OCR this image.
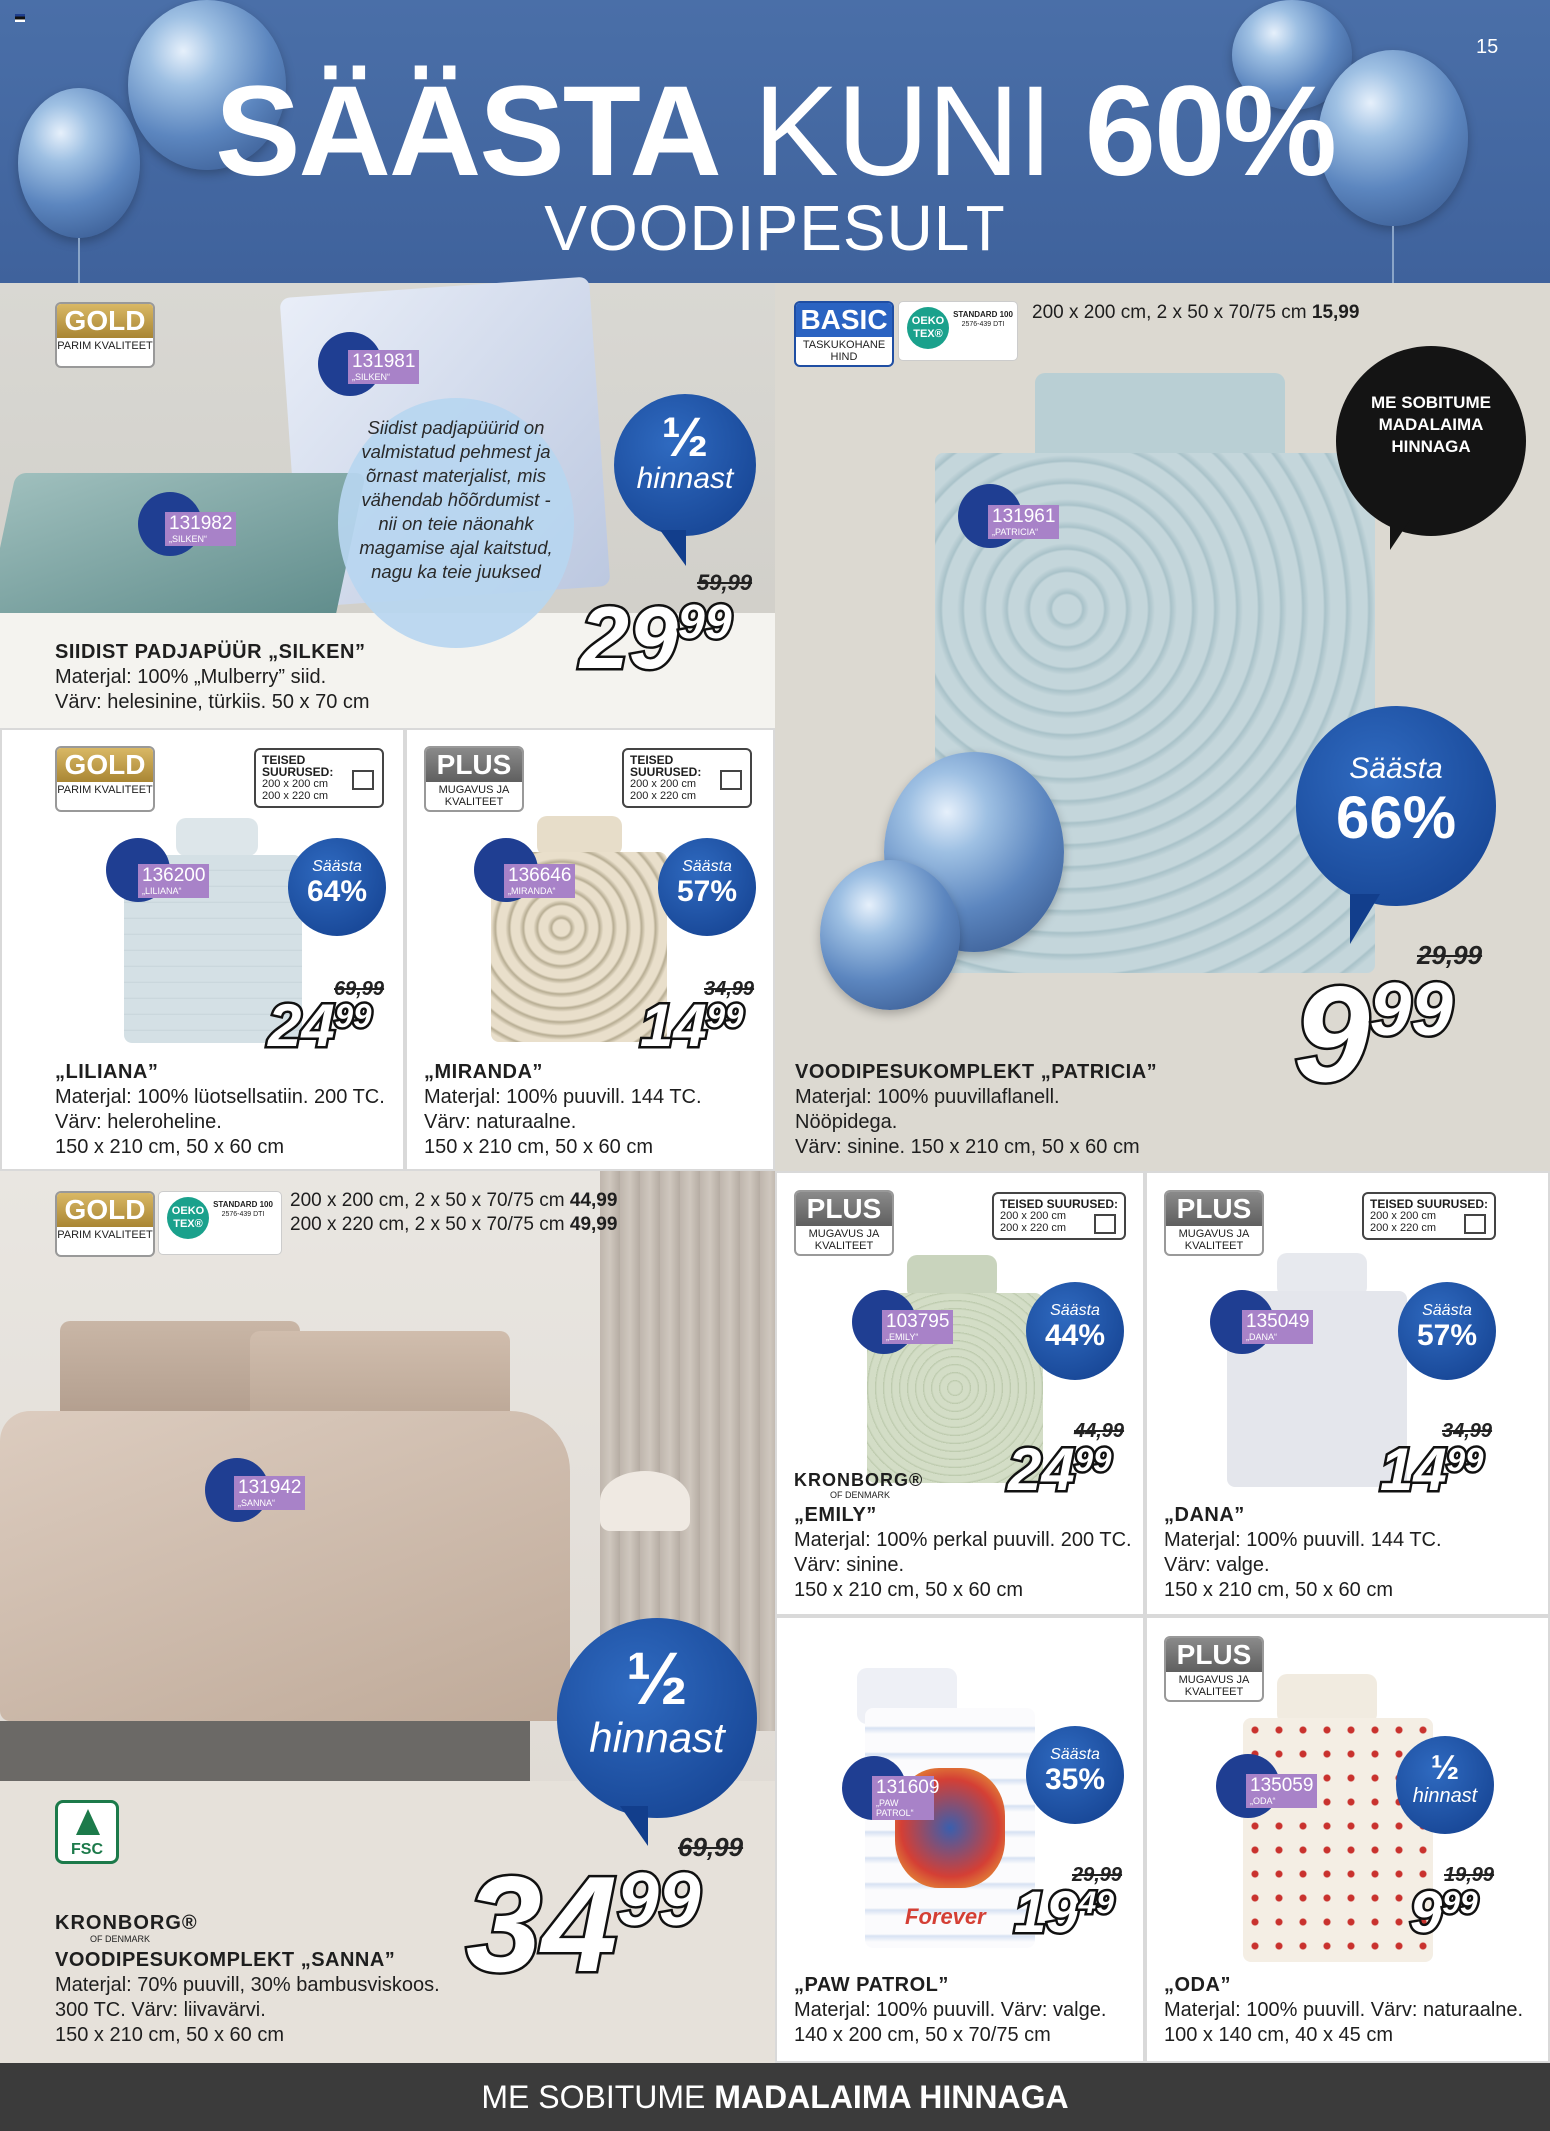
15
SÄÄSTA KUNI 60%
VOODIPESULT
GOLD
PARIM KVALITEET
131981
„SILKEN“
131982
„SILKEN“
Siidist padjapüürid on valmistatud pehmest ja õrnast materjalist, mis vähendab hõõrdumist - nii on teie näonahk magamise ajal kaitstud, nagu ka teie juuksed
½
hinnast
59,99
$29^{99}$
SIIDIST PADJAPÜÜR „SILKEN”
Materjal: 100% „Mulberry” siid.
Värv: helesinine, türkiis. 50 x 70 cm
BASIC
TASKUKOHANE HIND
OEKO TEX®
STANDARD 100
2576-439 DTI
200 x 200 cm, 2 x 50 x 70/75 cm 15,99
ME SOBITUME MADALAIMA HINNAGA
131961
„PATRICIA“
Säästa
66%
29,99
$9^{99}$
VOODIPESUKOMPLEKT „PATRICIA”
Materjal: 100% puuvillaflanell.
Nööpidega.
Värv: sinine. 150 x 210 cm, 50 x 60 cm
GOLD
PARIM KVALITEET
TEISED SUURUSED:
200 x 200 cm
200 x 220 cm
136200
„LILIANA“
Säästa
64%
69,99
$24^{99}$
„LILIANA”
Materjal: 100% lüotsellsatiin. 200 TC.
Värv: heleroheline.
150 x 210 cm, 50 x 60 cm
PLUS
MUGAVUS JA KVALITEET
TEISED SUURUSED:
200 x 200 cm
200 x 220 cm
136646
„MIRANDA“
Säästa
57%
34,99
$14^{99}$
„MIRANDA”
Materjal: 100% puuvill. 144 TC.
Värv: naturaalne.
150 x 210 cm, 50 x 60 cm
GOLD
PARIM KVALITEET
OEKO TEX®
STANDARD 100
2576-439 DTI
200 x 200 cm, 2 x 50 x 70/75 cm 44,99
200 x 220 cm, 2 x 50 x 70/75 cm 49,99
131942
„SANNA“
½
hinnast
FSC
KRONBORG®
OF DENMARK
69,99
$34^{99}$
VOODIPESUKOMPLEKT „SANNA”
Materjal: 70% puuvill, 30% bambusviskoos.
300 TC. Värv: liivavärvi.
150 x 210 cm, 50 x 60 cm
PLUS
MUGAVUS JA KVALITEET
TEISED SUURUSED:
200 x 200 cm
200 x 220 cm
103795
„EMILY“
Säästa
44%
KRONBORG®
OF DENMARK
44,99
$24^{99}$
„EMILY”
Materjal: 100% perkal puuvill. 200 TC.
Värv: sinine.
150 x 210 cm, 50 x 60 cm
PLUS
MUGAVUS JA KVALITEET
TEISED SUURUSED:
200 x 200 cm
200 x 220 cm
135049
„DANA“
Säästa
57%
34,99
$14^{99}$
„DANA”
Materjal: 100% puuvill. 144 TC.
Värv: valge.
150 x 210 cm, 50 x 60 cm
Forever
131609
„PAW PATROL“
Säästa
35%
29,99
$19^{49}$
„PAW PATROL”
Materjal: 100% puuvill. Värv: valge.
140 x 200 cm, 50 x 70/75 cm
PLUS
MUGAVUS JA KVALITEET
135059
„ODA“
½
hinnast
19,99
$9^{99}$
„ODA”
Materjal: 100% puuvill. Värv: naturaalne.
100 x 140 cm, 40 x 45 cm
ME SOBITUME MADALAIMA HINNAGA
